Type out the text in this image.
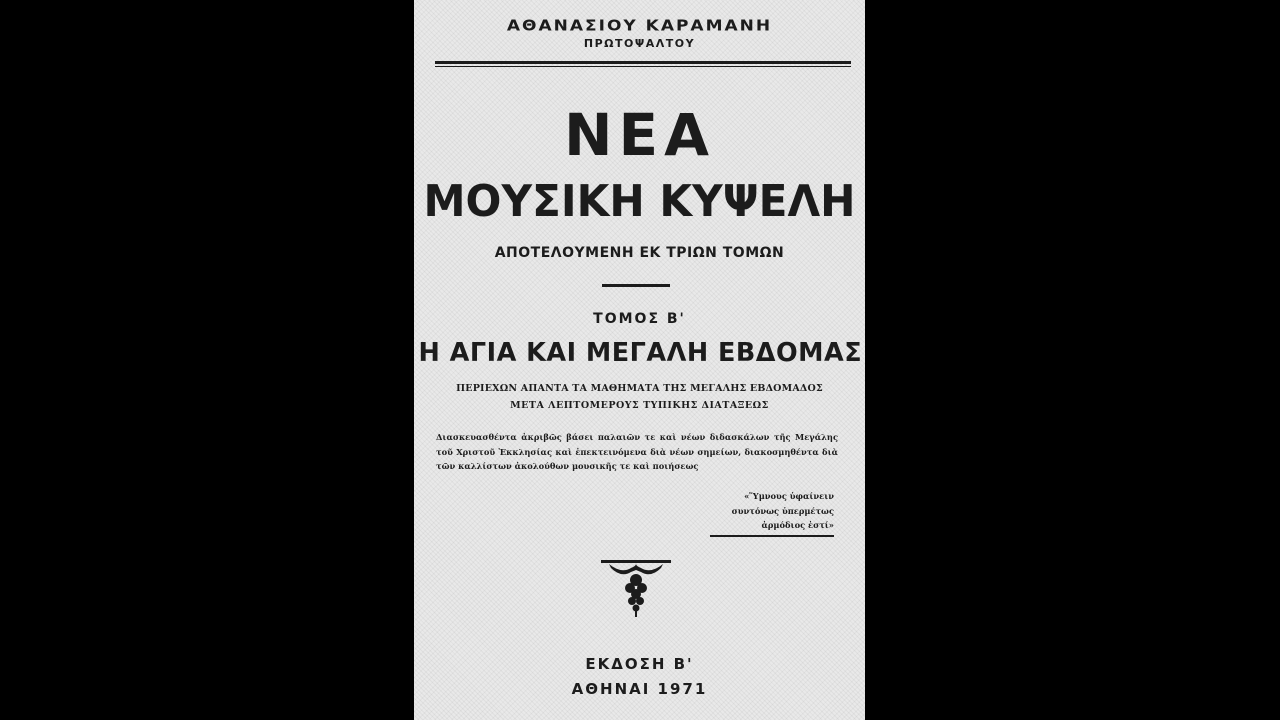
ΑΘΑΝΑΣΙΟΥ ΚΑΡΑΜΑΝΗ
ΠΡΩΤΟΨΑΛΤΟΥ
ΝΕΑ
ΜΟΥΣΙΚΗ ΚΥΨΕΛΗ
ΑΠΟΤΕΛΟΥΜΕΝΗ ΕΚ ΤΡΙΩΝ ΤΟΜΩΝ
ΤΟΜΟΣ Β'
Η ΑΓΙΑ ΚΑΙ ΜΕΓΑΛΗ ΕΒΔΟΜΑΣ
ΠΕΡΙΕΧΩΝ ΑΠΑΝΤΑ ΤΑ ΜΑΘΗΜΑΤΑ ΤΗΣ ΜΕΓΑΛΗΣ ΕΒΔΟΜΑΔΟΣ
ΜΕΤΑ ΛΕΠΤΟΜΕΡΟΥΣ ΤΥΠΙΚΗΣ ΔΙΑΤΑΞΕΩΣ
Διασκευασθέντα ἀκριβῶς βάσει παλαιῶν τε καὶ νέων διδασκάλων τῆς Μεγάλης τοῦ Χριστοῦ Ἐκκλησίας καὶ ἐπεκτεινόμενα διὰ νέων σημείων, διακοσμηθέντα διὰ τῶν καλλίστων ἀκολούθων μουσικῆς τε καὶ ποιήσεως
«Ὕμνους ὑφαίνειν
συντόνως ὑπερμέτως
ἀρμόδιος ἐστί»
ΕΚΔΟΣΗ Β'
ΑΘΗΝΑΙ 1971
